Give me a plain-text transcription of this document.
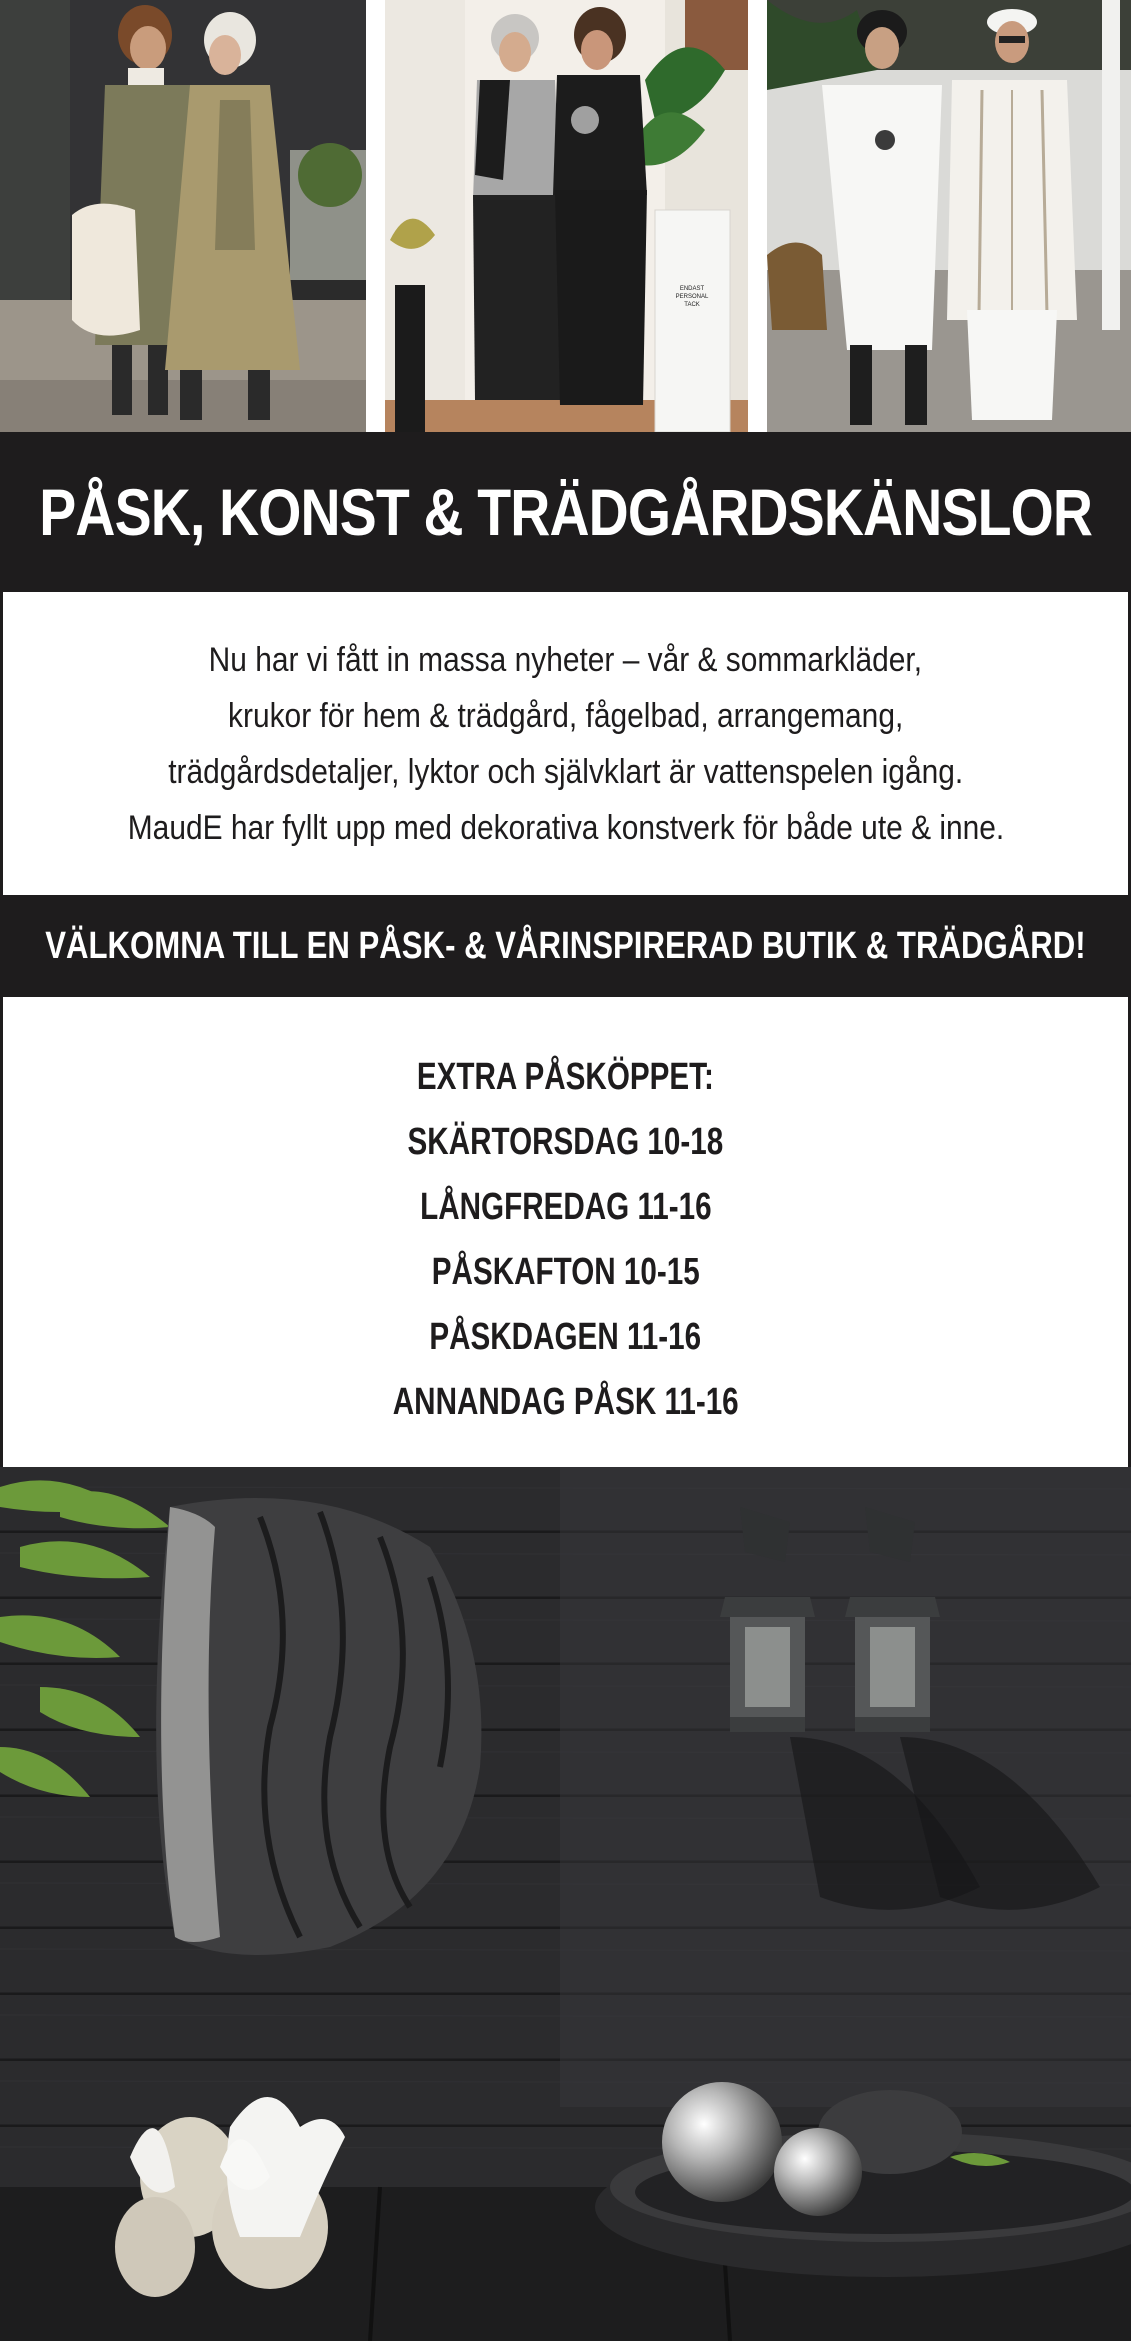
ENDAST
PERSONAL
TACK
PÅSK, KONST & TRÄDGÅRDSKÄNSLOR

Nu har vi fått in massa nyheter – vår & sommarkläder,

krukor för hem & trädgård, fågelbad, arrangemang,

trädgårdsdetaljer, lyktor och självklart är vattenspelen igång.

MaudE har fyllt upp med dekorativa konstverk för både ute & inne.

VÄLKOMNA TILL EN PÅSK- & VÅRINSPIRERAD BUTIK & TRÄDGÅRD!

EXTRA PÅSKÖPPET:

SKÄRTORSDAG 10-18

LÅNGFREDAG 11-16

PÅSKAFTON 10-15

PÅSKDAGEN 11-16

ANNANDAG PÅSK 11-16
